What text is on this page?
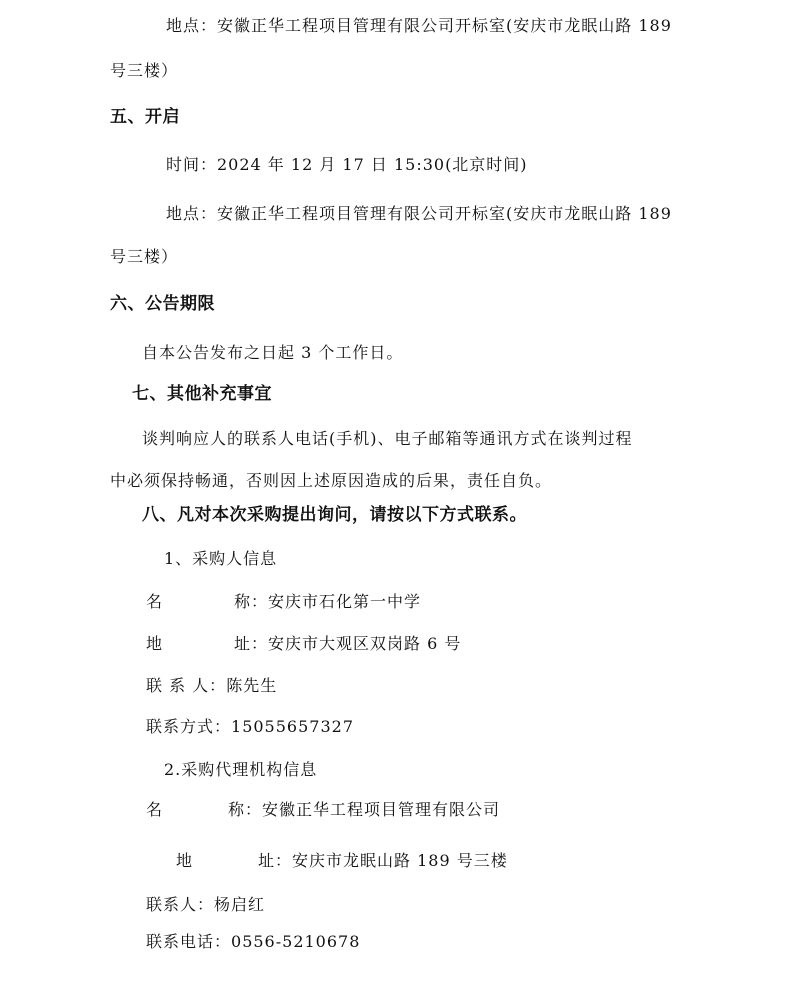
地点：安徽正华工程项目管理有限公司开标室(安庆市龙眠山路 189
号三楼）
五、开启
时间：2024 年 12 月 17 日 15:30(北京时间)
地点：安徽正华工程项目管理有限公司开标室(安庆市龙眠山路 189
号三楼）
六、公告期限
自本公告发布之日起 3 个工作日。
七、其他补充事宜
谈判响应人的联系人电话(手机)、电子邮箱等通讯方式在谈判过程
中必须保持畅通，否则因上述原因造成的后果，责任自负。
八、凡对本次采购提出询问，请按以下方式联系。
1、采购人信息
名	称：安庆市石化第一中学
地	址：安庆市大观区双岗路 6 号
联 系 人：陈先生
联系方式：15055657327
2.采购代理机构信息
名	称：安徽正华工程项目管理有限公司
地	址：安庆市龙眠山路 189 号三楼
联系人：杨启红
联系电话：0556-5210678
